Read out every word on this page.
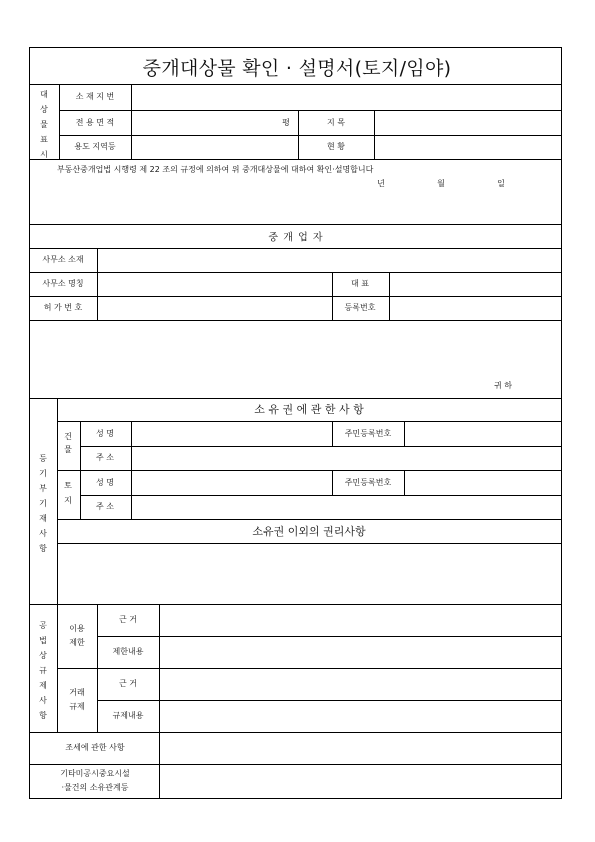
중개대상물 확인 · 설명서(토지/임야)
대
상
물
표
시
소 재 지 번
전 용 면 적	평	지 목
용도 지역등	현 황
부동산중개업법 시행령 제 22 조의 규정에 의하여 위 중개대상물에 대하여 확인·설명합니다
년	월	일
중 개 업 자
사무소 소재
사무소 명칭	대 표
허 가 번 호	등록번호
귀 하
등
기
부
기
재
사
항
소 유 권 에 관 한 사 항
건
물
성 명	주민등록번호
주 소
토
지
성 명	주민등록번호
주 소
소유권 이외의 권리사항
공
법
상
규
제
사
항
이용
제한
근 거
제한내용
거래
규제
근 거
규제내용
조세에 관한 사항
기타미공시중요시설
·물건의 소유관계등
